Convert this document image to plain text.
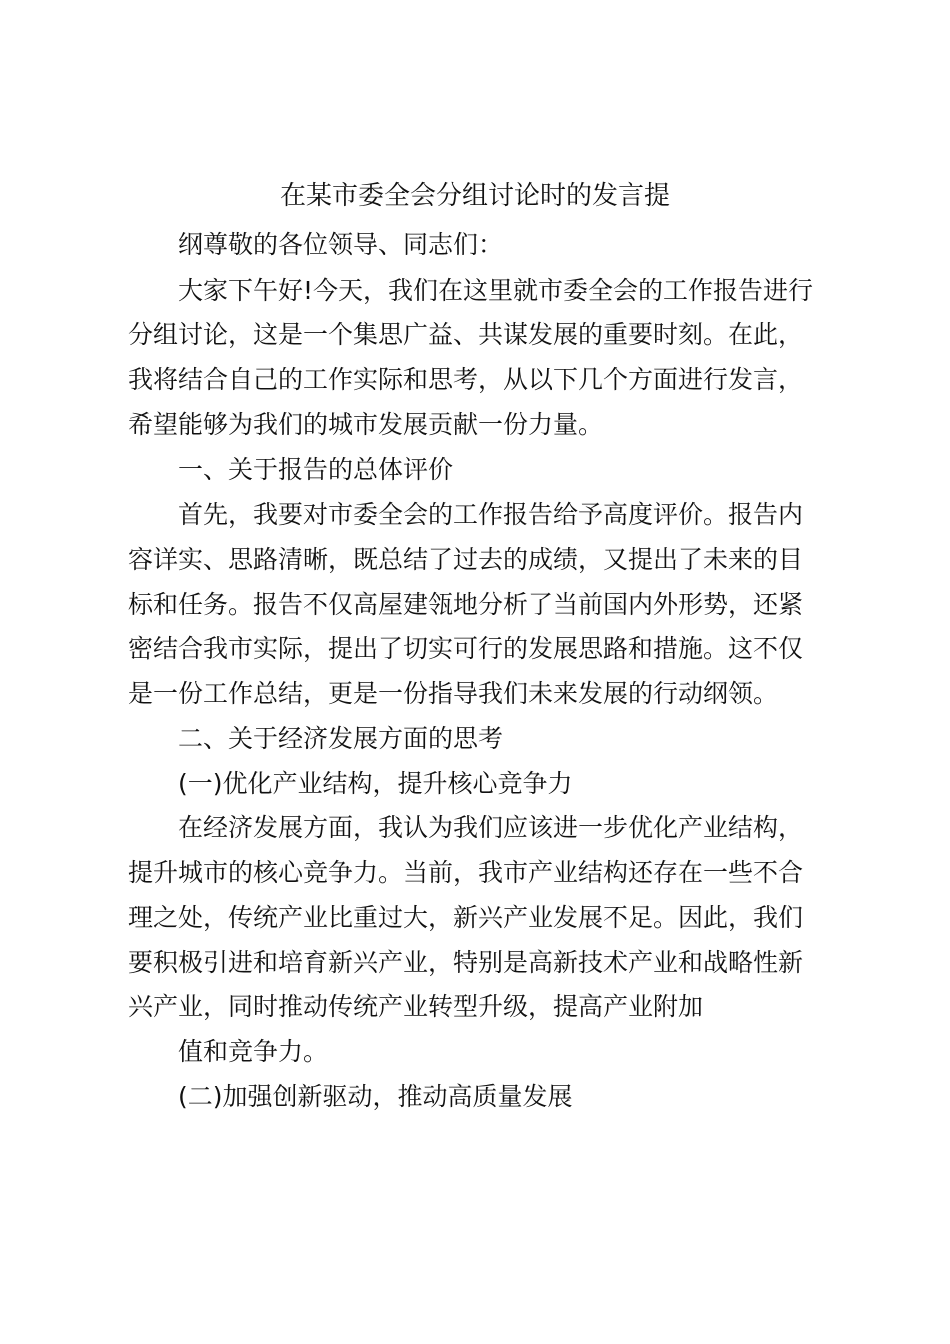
在某市委全会分组讨论时的发言提
纲尊敬的各位领导、同志们：
大家下午好!今天，我们在这里就市委全会的工作报告进行
分组讨论，这是一个集思广益、共谋发展的重要时刻。在此，
我将结合自己的工作实际和思考，从以下几个方面进行发言，
希望能够为我们的城市发展贡献一份力量。
一、关于报告的总体评价
首先，我要对市委全会的工作报告给予高度评价。报告内
容详实、思路清晰，既总结了过去的成绩，又提出了未来的目
标和任务。报告不仅高屋建瓴地分析了当前国内外形势，还紧
密结合我市实际，提出了切实可行的发展思路和措施。这不仅
是一份工作总结，更是一份指导我们未来发展的行动纲领。
二、关于经济发展方面的思考
(一)优化产业结构，提升核心竞争力
在经济发展方面，我认为我们应该进一步优化产业结构，
提升城市的核心竞争力。当前，我市产业结构还存在一些不合
理之处，传统产业比重过大，新兴产业发展不足。因此，我们
要积极引进和培育新兴产业，特别是高新技术产业和战略性新
兴产业，同时推动传统产业转型升级，提高产业附加
值和竞争力。
(二)加强创新驱动，推动高质量发展
